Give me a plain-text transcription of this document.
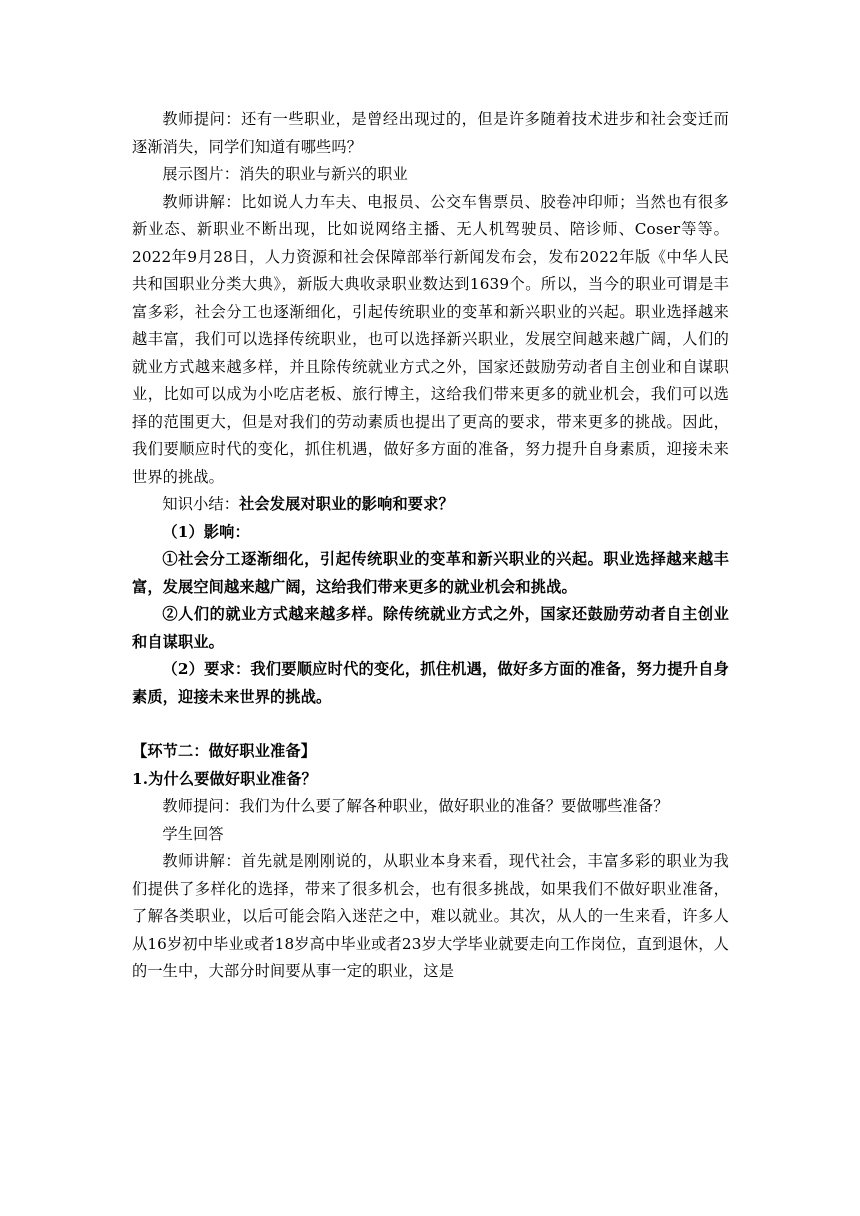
教师提问：还有一些职业，是曾经出现过的，但是许多随着技术进步和社会变迁而逐渐消失，同学们知道有哪些吗？

展示图片：消失的职业与新兴的职业

教师讲解：比如说人力车夫、电报员、公交车售票员、胶卷冲印师；当然也有很多新业态、新职业不断出现，比如说网络主播、无人机驾驶员、陪诊师、Coser等等。2022年9月28日，人力资源和社会保障部举行新闻发布会，发布2022年版《中华人民共和国职业分类大典》，新版大典收录职业数达到1639个。所以，当今的职业可谓是丰富多彩，社会分工也逐渐细化，引起传统职业的变革和新兴职业的兴起。职业选择越来越丰富，我们可以选择传统职业，也可以选择新兴职业，发展空间越来越广阔，人们的就业方式越来越多样，并且除传统就业方式之外，国家还鼓励劳动者自主创业和自谋职业，比如可以成为小吃店老板、旅行博主，这给我们带来更多的就业机会，我们可以选择的范围更大，但是对我们的劳动素质也提出了更高的要求，带来更多的挑战。因此，我们要顺应时代的变化，抓住机遇，做好多方面的准备，努力提升自身素质，迎接未来世界的挑战。

知识小结：社会发展对职业的影响和要求？

（1）影响：

①社会分工逐渐细化，引起传统职业的变革和新兴职业的兴起。职业选择越来越丰富，发展空间越来越广阔，这给我们带来更多的就业机会和挑战。

②人们的就业方式越来越多样。除传统就业方式之外，国家还鼓励劳动者自主创业和自谋职业。

（2）要求：我们要顺应时代的变化，抓住机遇，做好多方面的准备，努力提升自身素质，迎接未来世界的挑战。

【环节二：做好职业准备】

1.为什么要做好职业准备？

教师提问：我们为什么要了解各种职业，做好职业的准备？要做哪些准备？

学生回答

教师讲解：首先就是刚刚说的，从职业本身来看，现代社会，丰富多彩的职业为我们提供了多样化的选择，带来了很多机会，也有很多挑战，如果我们不做好职业准备，了解各类职业，以后可能会陷入迷茫之中，难以就业。其次，从人的一生来看，许多人从16岁初中毕业或者18岁高中毕业或者23岁大学毕业就要走向工作岗位，直到退休，人的一生中，大部分时间要从事一定的职业，这是
